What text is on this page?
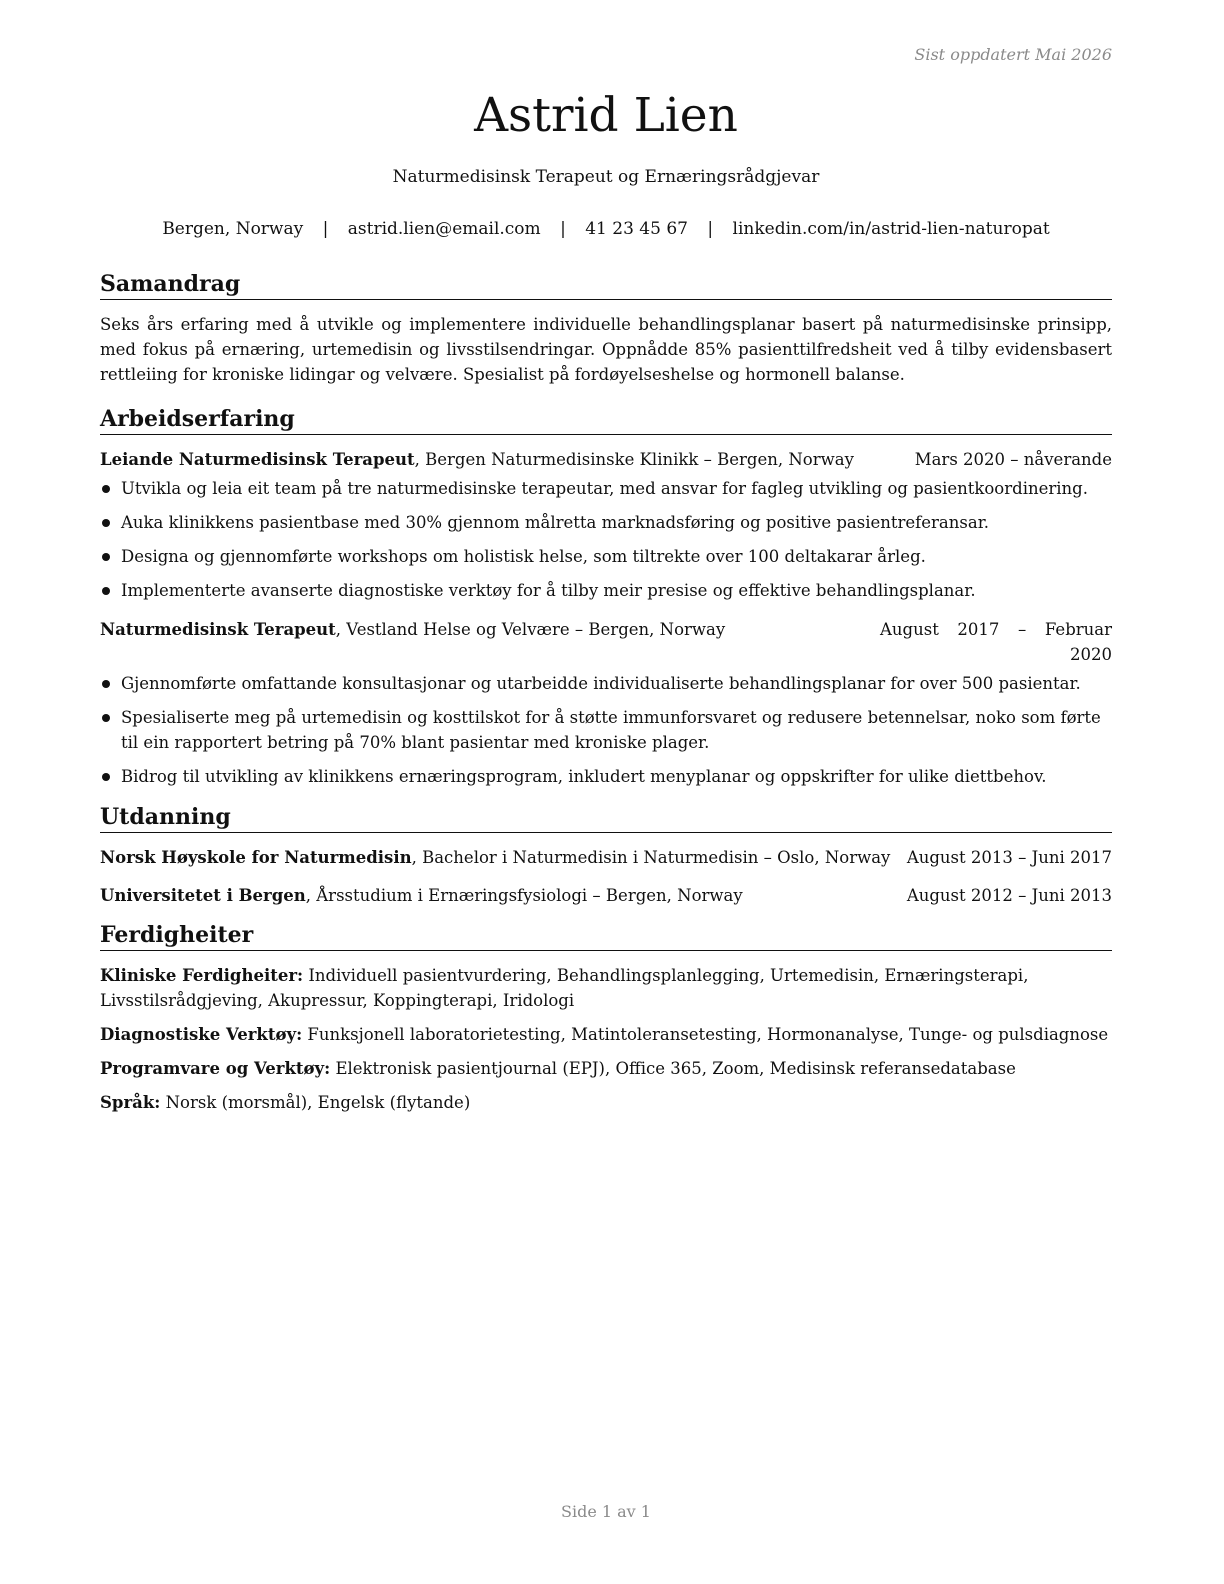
Sist oppdatert Mai 2026
Astrid Lien
Naturmedisinsk Terapeut og Ernæringsrådgjevar
Bergen, Norway | astrid.lien@email.com | 41 23 45 67 | linkedin.com/in/astrid-lien-naturopat
Samandrag

Seks års erfaring med å utvikle og implementere individuelle behandlingsplanar basert på naturmedisinske prinsipp, med fokus på ernæring, urtemedisin og livsstilsendringar. Oppnådde 85% pasienttilfredsheit ved å tilby evidensbasert rettleiing for kroniske lidingar og velvære. Spesialist på fordøyelseshelse og hormonell balanse.

Arbeidserfaring
Leiande Naturmedisinsk Terapeut, Bergen Naturmedisinske Klinikk – Bergen, Norway	Mars 2020 – nåverande
Utvikla og leia eit team på tre naturmedisinske terapeutar, med ansvar for fagleg utvikling og pasientkoordinering.
Auka klinikkens pasientbase med 30% gjennom målretta marknadsføring og positive pasientreferansar.
Designa og gjennomførte workshops om holistisk helse, som tiltrekte over 100 deltakarar årleg.
Implementerte avanserte diagnostiske verktøy for å tilby meir presise og effektive behandlingsplanar.
Naturmedisinsk Terapeut, Vestland Helse og Velvære – Bergen, Norway	August 2017 – Februar 2020
Gjennomførte omfattande konsultasjonar og utarbeidde individualiserte behandlingsplanar for over 500 pasientar.
Spesialiserte meg på urtemedisin og kosttilskot for å støtte immunforsvaret og redusere betennelsar, noko som førte til ein rapportert betring på 70% blant pasientar med kroniske plager.
Bidrog til utvikling av klinikkens ernæringsprogram, inkludert menyplanar og oppskrifter for ulike diettbehov.
Utdanning
Norsk Høyskole for Naturmedisin, Bachelor i Naturmedisin i Naturmedisin – Oslo, Norway August 2013 – Juni 2017
Universitetet i Bergen, Årsstudium i Ernæringsfysiologi – Bergen, Norway	August 2012 – Juni 2013
Ferdigheiter

Kliniske Ferdigheiter: Individuell pasientvurdering, Behandlingsplanlegging, Urtemedisin, Ernæringsterapi, Livsstilsrådgjeving, Akupressur, Koppingterapi, Iridologi

Diagnostiske Verktøy: Funksjonell laboratorietesting, Matintoleransetesting, Hormonanalyse, Tunge- og pulsdiagnose

Programvare og Verktøy: Elektronisk pasientjournal (EPJ), Office 365, Zoom, Medisinsk referansedatabase

Språk: Norsk (morsmål), Engelsk (flytande)

Side 1 av 1
